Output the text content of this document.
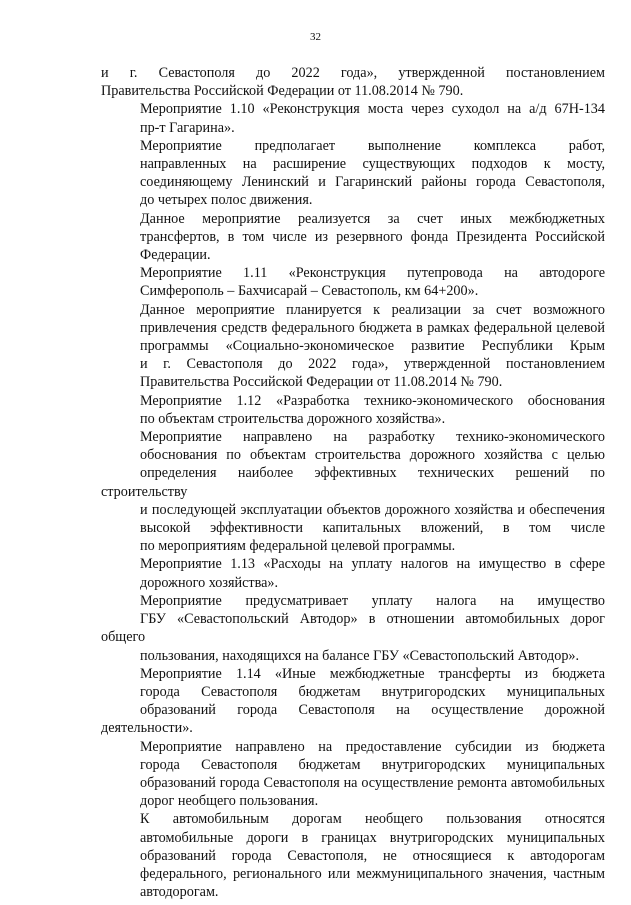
32

и г. Севастополя до 2022 года», утвержденной постановлением
Правительства Российской Федерации от 11.08.2014 № 790.

Мероприятие 1.10 «Реконструкция моста через суходол на а/д 67Н-134
пр-т Гагарина».

Мероприятие предполагает выполнение комплекса работ,
направленных на расширение существующих подходов к мосту,
соединяющему Ленинский и Гагаринский районы города Севастополя,
до четырех полос движения.

Данное мероприятие реализуется за счет иных межбюджетных
трансфертов, в том числе из резервного фонда Президента Российской
Федерации.

Мероприятие 1.11 «Реконструкция путепровода на автодороге
Симферополь – Бахчисарай – Севастополь, км 64+200».

Данное мероприятие планируется к реализации за счет возможного
привлечения средств федерального бюджета в рамках федеральной целевой
программы «Социально-экономическое развитие Республики Крым
и г. Севастополя до 2022 года», утвержденной постановлением
Правительства Российской Федерации от 11.08.2014 № 790.

Мероприятие 1.12 «Разработка технико-экономического обоснования
по объектам строительства дорожного хозяйства».

Мероприятие направлено на разработку технико-экономического
обоснования по объектам строительства дорожного хозяйства с целью
определения наиболее эффективных технических решений по строительству
и последующей эксплуатации объектов дорожного хозяйства и обеспечения
высокой эффективности капитальных вложений, в том числе
по мероприятиям федеральной целевой программы.

Мероприятие 1.13 «Расходы на уплату налогов на имущество в сфере
дорожного хозяйства».

Мероприятие предусматривает уплату налога на имущество
ГБУ «Севастопольский Автодор» в отношении автомобильных дорог общего
пользования, находящихся на балансе ГБУ «Севастопольский Автодор».

Мероприятие 1.14 «Иные межбюджетные трансферты из бюджета
города Севастополя бюджетам внутригородских муниципальных
образований города Севастополя на осуществление дорожной деятельности».

Мероприятие направлено на предоставление субсидии из бюджета
города Севастополя бюджетам внутригородских муниципальных
образований города Севастополя на осуществление ремонта автомобильных
дорог необщего пользования.

К автомобильным дорогам необщего пользования относятся
автомобильные дороги в границах внутригородских муниципальных
образований города Севастополя, не относящиеся к автодорогам
федерального, регионального или межмуниципального значения, частным
автодорогам.
